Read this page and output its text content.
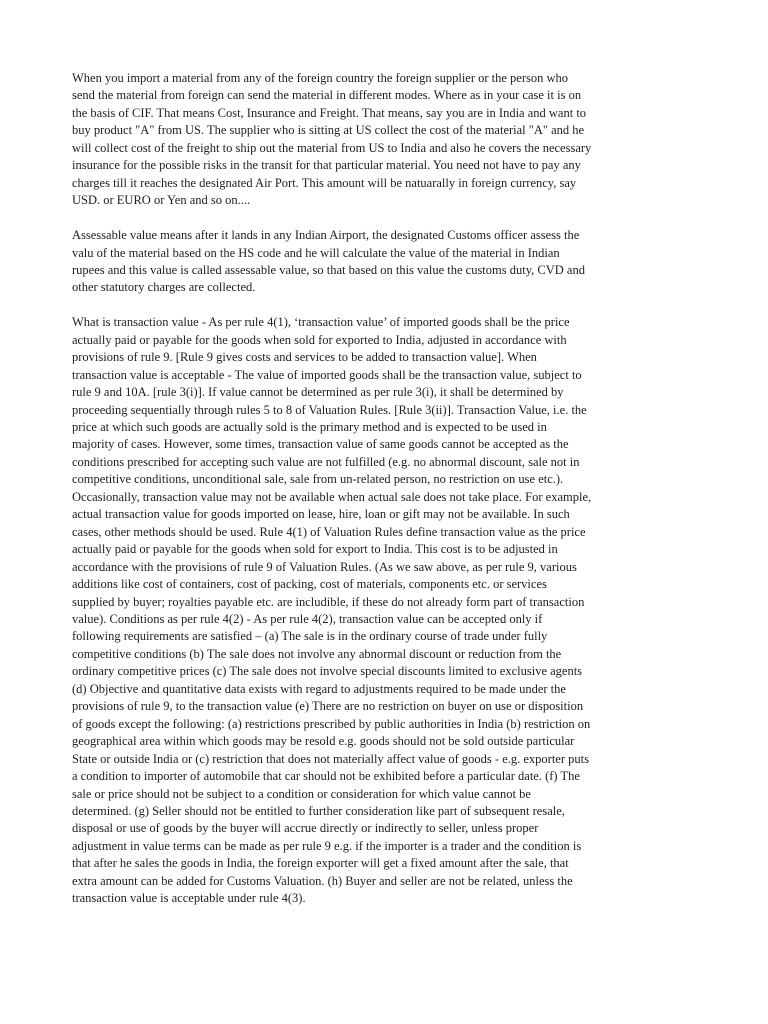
When you import a material from any of the foreign country the foreign supplier or the person who
send the material from foreign can send the material in different modes. Where as in your case it is on
the basis of CIF. That means Cost, Insurance and Freight. That means, say you are in India and want to
buy product "A" from US. The supplier who is sitting at US collect the cost of the material "A" and he
will collect cost of the freight to ship out the material from US to India and also he covers the necessary
insurance for the possible risks in the transit for that particular material. You need not have to pay any
charges till it reaches the designated Air Port. This amount will be natuarally in foreign currency, say
USD. or EURO or Yen and so on....

Assessable value means after it lands in any Indian Airport, the designated Customs officer assess the
valu of the material based on the HS code and he will calculate the value of the material in Indian
rupees and this value is called assessable value, so that based on this value the customs duty, CVD and
other statutory charges are collected.

What is transaction value - As per rule 4(1), ‘transaction value’ of imported goods shall be the price
actually paid or payable for the goods when sold for exported to India, adjusted in accordance with
provisions of rule 9. [Rule 9 gives costs and services to be added to transaction value]. When
transaction value is acceptable - The value of imported goods shall be the transaction value, subject to
rule 9 and 10A. [rule 3(i)]. If value cannot be determined as per rule 3(i), it shall be determined by
proceeding sequentially through rules 5 to 8 of Valuation Rules. [Rule 3(ii)]. Transaction Value, i.e. the
price at which such goods are actually sold is the primary method and is expected to be used in
majority of cases. However, some times, transaction value of same goods cannot be accepted as the
conditions prescribed for accepting such value are not fulfilled (e.g. no abnormal discount, sale not in
competitive conditions, unconditional sale, sale from un-related person, no restriction on use etc.).
Occasionally, transaction value may not be available when actual sale does not take place. For example,
actual transaction value for goods imported on lease, hire, loan or gift may not be available. In such
cases, other methods should be used. Rule 4(1) of Valuation Rules define transaction value as the price
actually paid or payable for the goods when sold for export to India. This cost is to be adjusted in
accordance with the provisions of rule 9 of Valuation Rules. (As we saw above, as per rule 9, various
additions like cost of containers, cost of packing, cost of materials, components etc. or services
supplied by buyer; royalties payable etc. are includible, if these do not already form part of transaction
value). Conditions as per rule 4(2) - As per rule 4(2), transaction value can be accepted only if
following requirements are satisfied – (a) The sale is in the ordinary course of trade under fully
competitive conditions (b) The sale does not involve any abnormal discount or reduction from the
ordinary competitive prices (c) The sale does not involve special discounts limited to exclusive agents
(d) Objective and quantitative data exists with regard to adjustments required to be made under the
provisions of rule 9, to the transaction value (e) There are no restriction on buyer on use or disposition
of goods except the following: (a) restrictions prescribed by public authorities in India (b) restriction on
geographical area within which goods may be resold e.g. goods should not be sold outside particular
State or outside India or (c) restriction that does not materially affect value of goods - e.g. exporter puts
a condition to importer of automobile that car should not be exhibited before a particular date. (f) The
sale or price should not be subject to a condition or consideration for which value cannot be
determined. (g) Seller should not be entitled to further consideration like part of subsequent resale,
disposal or use of goods by the buyer will accrue directly or indirectly to seller, unless proper
adjustment in value terms can be made as per rule 9 e.g. if the importer is a trader and the condition is
that after he sales the goods in India, the foreign exporter will get a fixed amount after the sale, that
extra amount can be added for Customs Valuation. (h) Buyer and seller are not be related, unless the
transaction value is acceptable under rule 4(3).
